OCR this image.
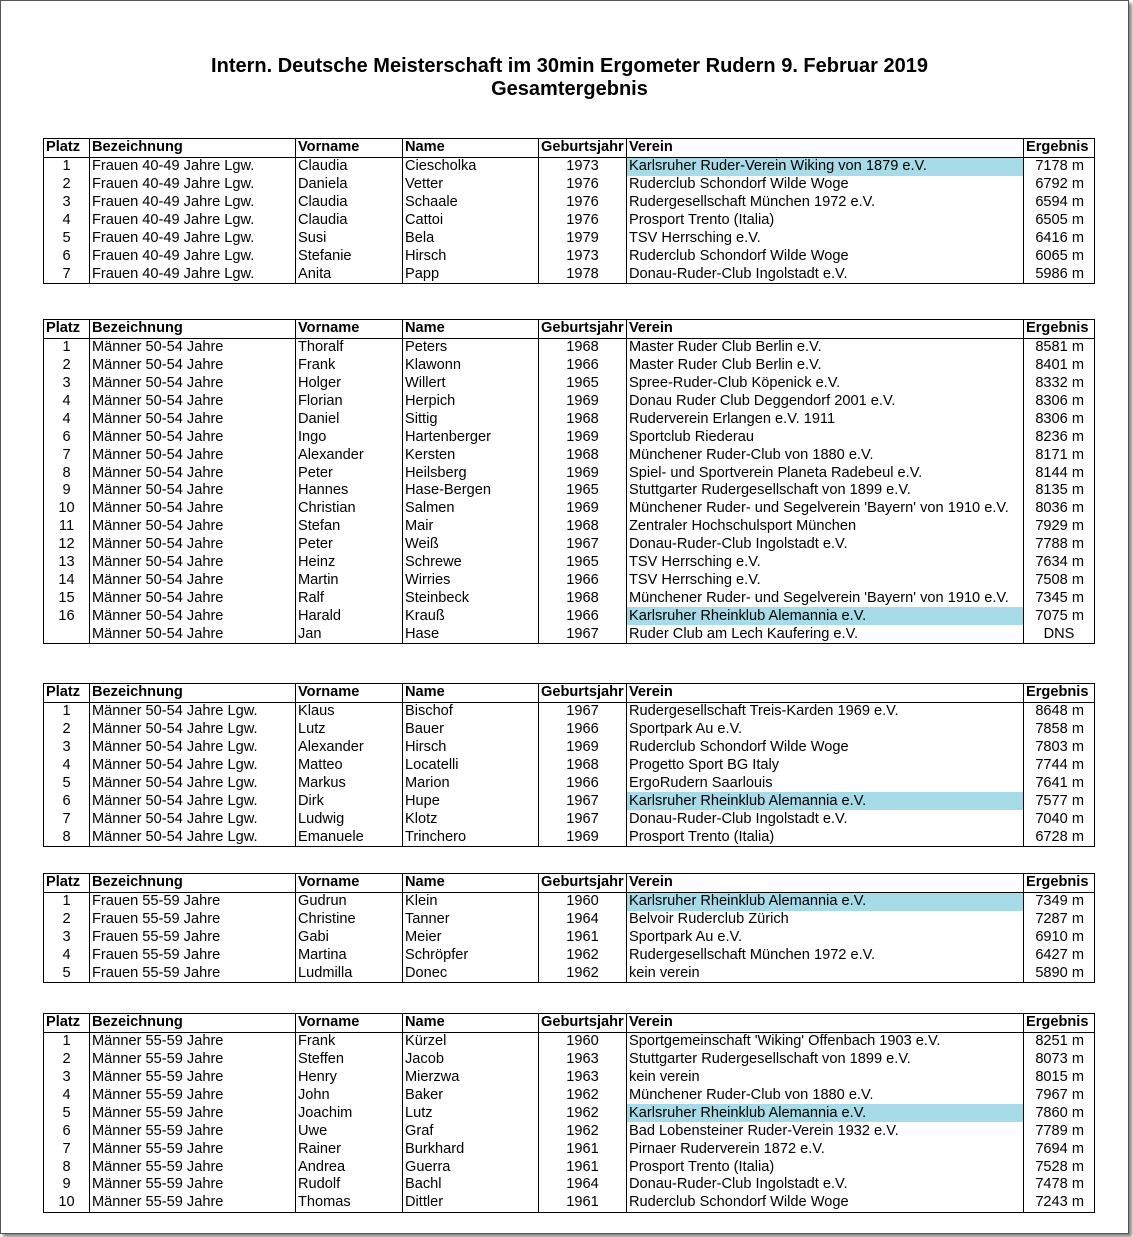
Intern. Deutsche Meisterschaft im 30min Ergometer Rudern 9. Februar 2019
Gesamtergebnis
Platz	Bezeichnung	Vorname	Name	Geburtsjahr	Verein	Ergebnis
1	Frauen 40-49 Jahre Lgw.	Claudia	Ciescholka	1973	Karlsruher Ruder-Verein Wiking von 1879 e.V.	7178 m
2	Frauen 40-49 Jahre Lgw.	Daniela	Vetter	1976	Ruderclub Schondorf Wilde Woge	6792 m
3	Frauen 40-49 Jahre Lgw.	Claudia	Schaale	1976	Rudergesellschaft München 1972 e.V.	6594 m
4	Frauen 40-49 Jahre Lgw.	Claudia	Cattoi	1976	Prosport Trento (Italia)	6505 m
5	Frauen 40-49 Jahre Lgw.	Susi	Bela	1979	TSV Herrsching e.V.	6416 m
6	Frauen 40-49 Jahre Lgw.	Stefanie	Hirsch	1973	Ruderclub Schondorf Wilde Woge	6065 m
7	Frauen 40-49 Jahre Lgw.	Anita	Papp	1978	Donau-Ruder-Club Ingolstadt e.V.	5986 m
Platz	Bezeichnung	Vorname	Name	Geburtsjahr	Verein	Ergebnis
1	Männer 50-54 Jahre	Thoralf	Peters	1968	Master Ruder Club Berlin e.V.	8581 m
2	Männer 50-54 Jahre	Frank	Klawonn	1966	Master Ruder Club Berlin e.V.	8401 m
3	Männer 50-54 Jahre	Holger	Willert	1965	Spree-Ruder-Club Köpenick e.V.	8332 m
4	Männer 50-54 Jahre	Florian	Herpich	1969	Donau Ruder Club Deggendorf 2001 e.V.	8306 m
4	Männer 50-54 Jahre	Daniel	Sittig	1968	Ruderverein Erlangen e.V. 1911	8306 m
6	Männer 50-54 Jahre	Ingo	Hartenberger	1969	Sportclub Riederau	8236 m
7	Männer 50-54 Jahre	Alexander	Kersten	1968	Münchener Ruder-Club von 1880 e.V.	8171 m
8	Männer 50-54 Jahre	Peter	Heilsberg	1969	Spiel- und Sportverein Planeta Radebeul e.V.	8144 m
9	Männer 50-54 Jahre	Hannes	Hase-Bergen	1965	Stuttgarter Rudergesellschaft von 1899 e.V.	8135 m
10	Männer 50-54 Jahre	Christian	Salmen	1969	Münchener Ruder- und Segelverein 'Bayern' von 1910 e.V.	8036 m
11	Männer 50-54 Jahre	Stefan	Mair	1968	Zentraler Hochschulsport München	7929 m
12	Männer 50-54 Jahre	Peter	Weiß	1967	Donau-Ruder-Club Ingolstadt e.V.	7788 m
13	Männer 50-54 Jahre	Heinz	Schrewe	1965	TSV Herrsching e.V.	7634 m
14	Männer 50-54 Jahre	Martin	Wirries	1966	TSV Herrsching e.V.	7508 m
15	Männer 50-54 Jahre	Ralf	Steinbeck	1968	Münchener Ruder- und Segelverein 'Bayern' von 1910 e.V.	7345 m
16	Männer 50-54 Jahre	Harald	Krauß	1966	Karlsruher Rheinklub Alemannia e.V.	7075 m
	Männer 50-54 Jahre	Jan	Hase	1967	Ruder Club am Lech Kaufering e.V.	DNS
Platz	Bezeichnung	Vorname	Name	Geburtsjahr	Verein	Ergebnis
1	Männer 50-54 Jahre Lgw.	Klaus	Bischof	1967	Rudergesellschaft Treis-Karden 1969 e.V.	8648 m
2	Männer 50-54 Jahre Lgw.	Lutz	Bauer	1966	Sportpark Au e.V.	7858 m
3	Männer 50-54 Jahre Lgw.	Alexander	Hirsch	1969	Ruderclub Schondorf Wilde Woge	7803 m
4	Männer 50-54 Jahre Lgw.	Matteo	Locatelli	1968	Progetto Sport BG Italy	7744 m
5	Männer 50-54 Jahre Lgw.	Markus	Marion	1966	ErgoRudern Saarlouis	7641 m
6	Männer 50-54 Jahre Lgw.	Dirk	Hupe	1967	Karlsruher Rheinklub Alemannia e.V.	7577 m
7	Männer 50-54 Jahre Lgw.	Ludwig	Klotz	1967	Donau-Ruder-Club Ingolstadt e.V.	7040 m
8	Männer 50-54 Jahre Lgw.	Emanuele	Trinchero	1969	Prosport Trento (Italia)	6728 m
Platz	Bezeichnung	Vorname	Name	Geburtsjahr	Verein	Ergebnis
1	Frauen 55-59 Jahre	Gudrun	Klein	1960	Karlsruher Rheinklub Alemannia e.V.	7349 m
2	Frauen 55-59 Jahre	Christine	Tanner	1964	Belvoir Ruderclub Zürich	7287 m
3	Frauen 55-59 Jahre	Gabi	Meier	1961	Sportpark Au e.V.	6910 m
4	Frauen 55-59 Jahre	Martina	Schröpfer	1962	Rudergesellschaft München 1972 e.V.	6427 m
5	Frauen 55-59 Jahre	Ludmilla	Donec	1962	kein verein	5890 m
Platz	Bezeichnung	Vorname	Name	Geburtsjahr	Verein	Ergebnis
1	Männer 55-59 Jahre	Frank	Kürzel	1960	Sportgemeinschaft 'Wiking' Offenbach 1903 e.V.	8251 m
2	Männer 55-59 Jahre	Steffen	Jacob	1963	Stuttgarter Rudergesellschaft von 1899 e.V.	8073 m
3	Männer 55-59 Jahre	Henry	Mierzwa	1963	kein verein	8015 m
4	Männer 55-59 Jahre	John	Baker	1962	Münchener Ruder-Club von 1880 e.V.	7967 m
5	Männer 55-59 Jahre	Joachim	Lutz	1962	Karlsruher Rheinklub Alemannia e.V.	7860 m
6	Männer 55-59 Jahre	Uwe	Graf	1962	Bad Lobensteiner Ruder-Verein 1932 e.V.	7789 m
7	Männer 55-59 Jahre	Rainer	Burkhard	1961	Pirnaer Ruderverein 1872 e.V.	7694 m
8	Männer 55-59 Jahre	Andrea	Guerra	1961	Prosport Trento (Italia)	7528 m
9	Männer 55-59 Jahre	Rudolf	Bachl	1964	Donau-Ruder-Club Ingolstadt e.V.	7478 m
10	Männer 55-59 Jahre	Thomas	Dittler	1961	Ruderclub Schondorf Wilde Woge	7243 m
